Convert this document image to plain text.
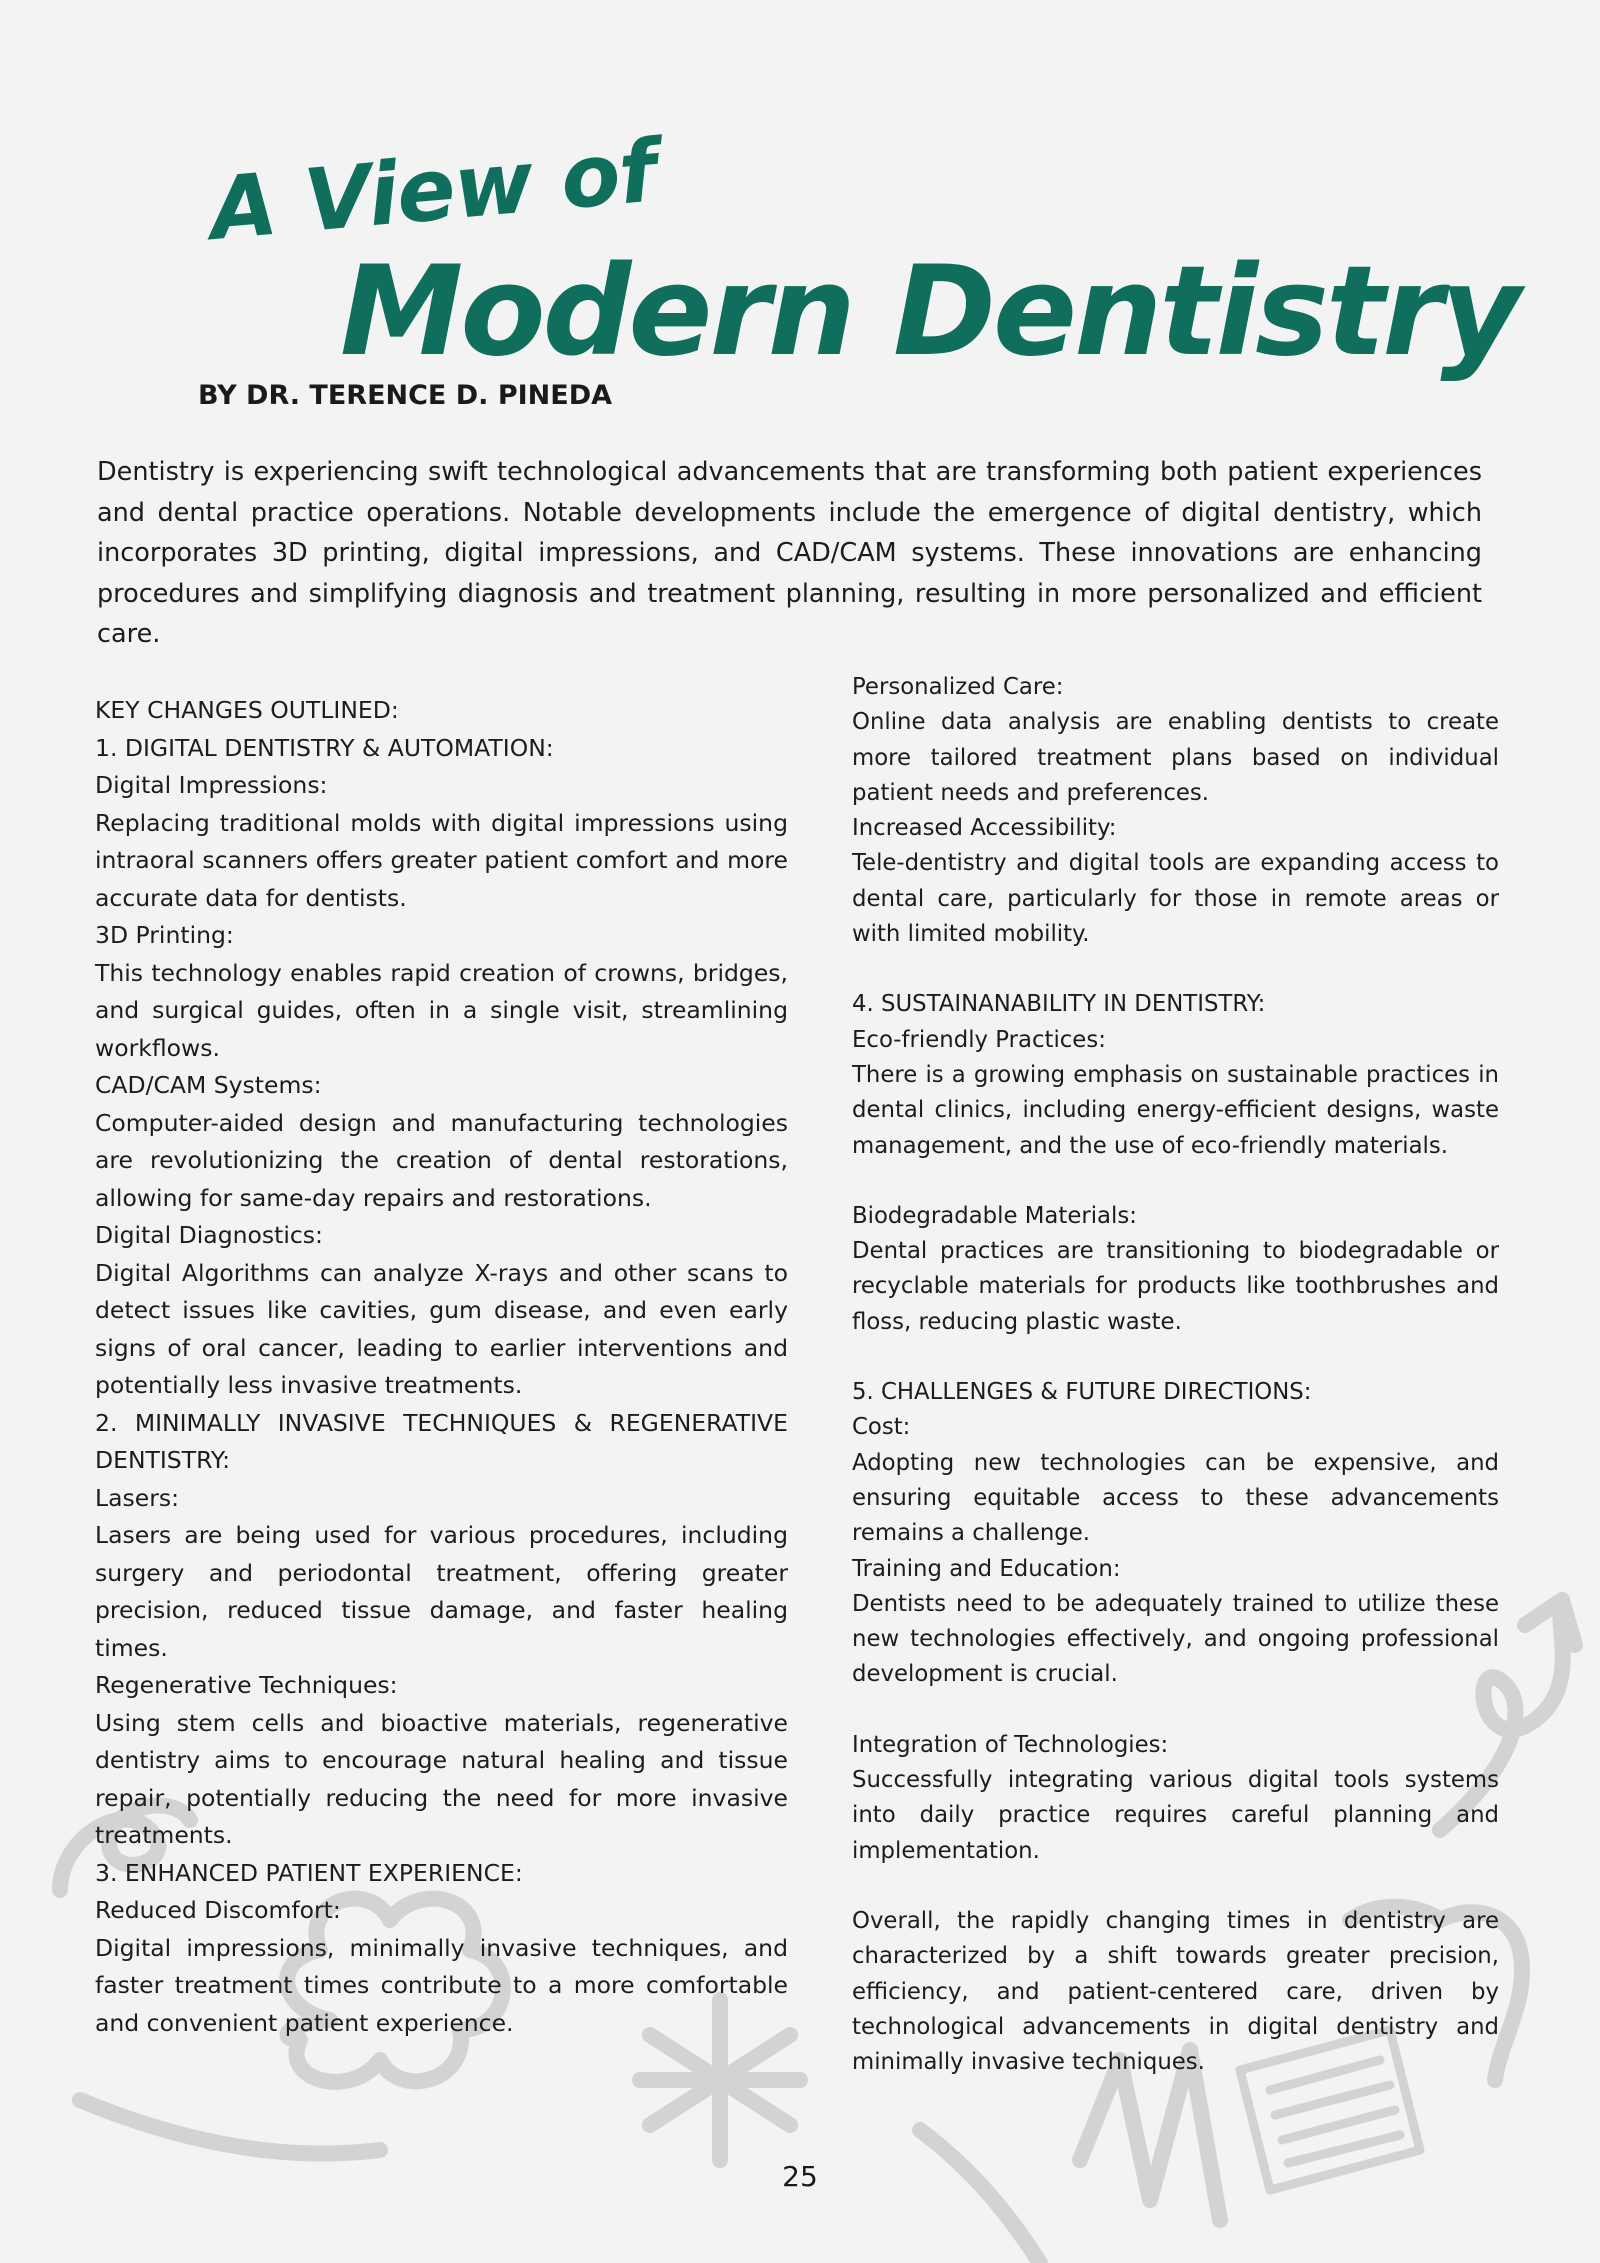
A View of
Modern Dentistry
BY DR. TERENCE D. PINEDA

Dentistry is experiencing swift technological advancements that are transforming both patient experiences and dental practice operations. Notable developments include the emergence of digital dentistry, which incorporates 3D printing, digital impressions, and CAD/CAM systems. These innovations are enhancing procedures and simplifying diagnosis and treatment planning, resulting in more personalized and efficient care.

KEY CHANGES OUTLINED:

1. DIGITAL DENTISTRY & AUTOMATION:

Digital Impressions:

Replacing traditional molds with digital impressions using intraoral scanners offers greater patient comfort and more accurate data for dentists.

3D Printing:

This technology enables rapid creation of crowns, bridges, and surgical guides, often in a single visit, streamlining workflows.

CAD/CAM Systems:

Computer-aided design and manufacturing technologies are revolutionizing the creation of dental restorations, allowing for same-day repairs and restorations.

Digital Diagnostics:

Digital Algorithms can analyze X-rays and other scans to detect issues like cavities, gum disease, and even early signs of oral cancer, leading to earlier interventions and potentially less invasive treatments.

2. MINIMALLY INVASIVE TECHNIQUES & REGENERATIVE DENTISTRY:

Lasers:

Lasers are being used for various procedures, including surgery and periodontal treatment, offering greater precision, reduced tissue damage, and faster healing times.

Regenerative Techniques:

Using stem cells and bioactive materials, regenerative dentistry aims to encourage natural healing and tissue repair, potentially reducing the need for more invasive treatments.

3. ENHANCED PATIENT EXPERIENCE:

Reduced Discomfort:

Digital impressions, minimally invasive techniques, and faster treatment times contribute to a more comfortable and convenient patient experience.

Personalized Care:

Online data analysis are enabling dentists to create more tailored treatment plans based on individual patient needs and preferences.

Increased Accessibility:

Tele-dentistry and digital tools are expanding access to dental care, particularly for those in remote areas or with limited mobility.

4. SUSTAINANABILITY IN DENTISTRY:

Eco-friendly Practices:

There is a growing emphasis on sustainable practices in dental clinics, including energy-efficient designs, waste management, and the use of eco-friendly materials.

Biodegradable Materials:

Dental practices are transitioning to biodegradable or recyclable materials for products like toothbrushes and floss, reducing plastic waste.

5. CHALLENGES & FUTURE DIRECTIONS:

Cost:

Adopting new technologies can be expensive, and ensuring equitable access to these advancements remains a challenge.

Training and Education:

Dentists need to be adequately trained to utilize these new technologies effectively, and ongoing professional development is crucial.

Integration of Technologies:

Successfully integrating various digital tools systems into daily practice requires careful planning and implementation.

Overall, the rapidly changing times in dentistry are characterized by a shift towards greater precision, efficiency, and patient-centered care, driven by technological advancements in digital dentistry and minimally invasive techniques.

25
